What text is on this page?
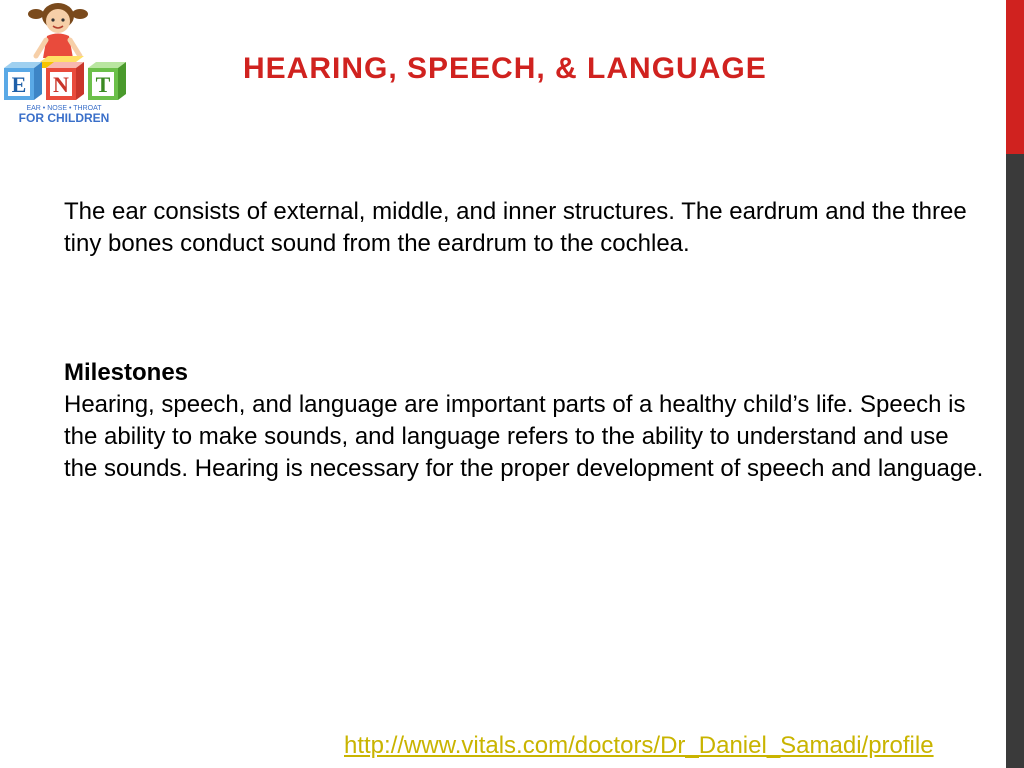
E N T
EAR • NOSE • THROAT
FOR CHILDREN
HEARING, SPEECH, & LANGUAGE

The ear consists of external, middle, and inner structures. The eardrum and the three tiny bones conduct sound from the eardrum to the cochlea.

Milestones

Hearing, speech, and language are important parts of a healthy child’s life. Speech is the ability to make sounds, and language refers to the ability to understand and use the sounds. Hearing is necessary for the proper development of speech and language.

http://www.vitals.com/doctors/Dr_Daniel_Samadi/profile
